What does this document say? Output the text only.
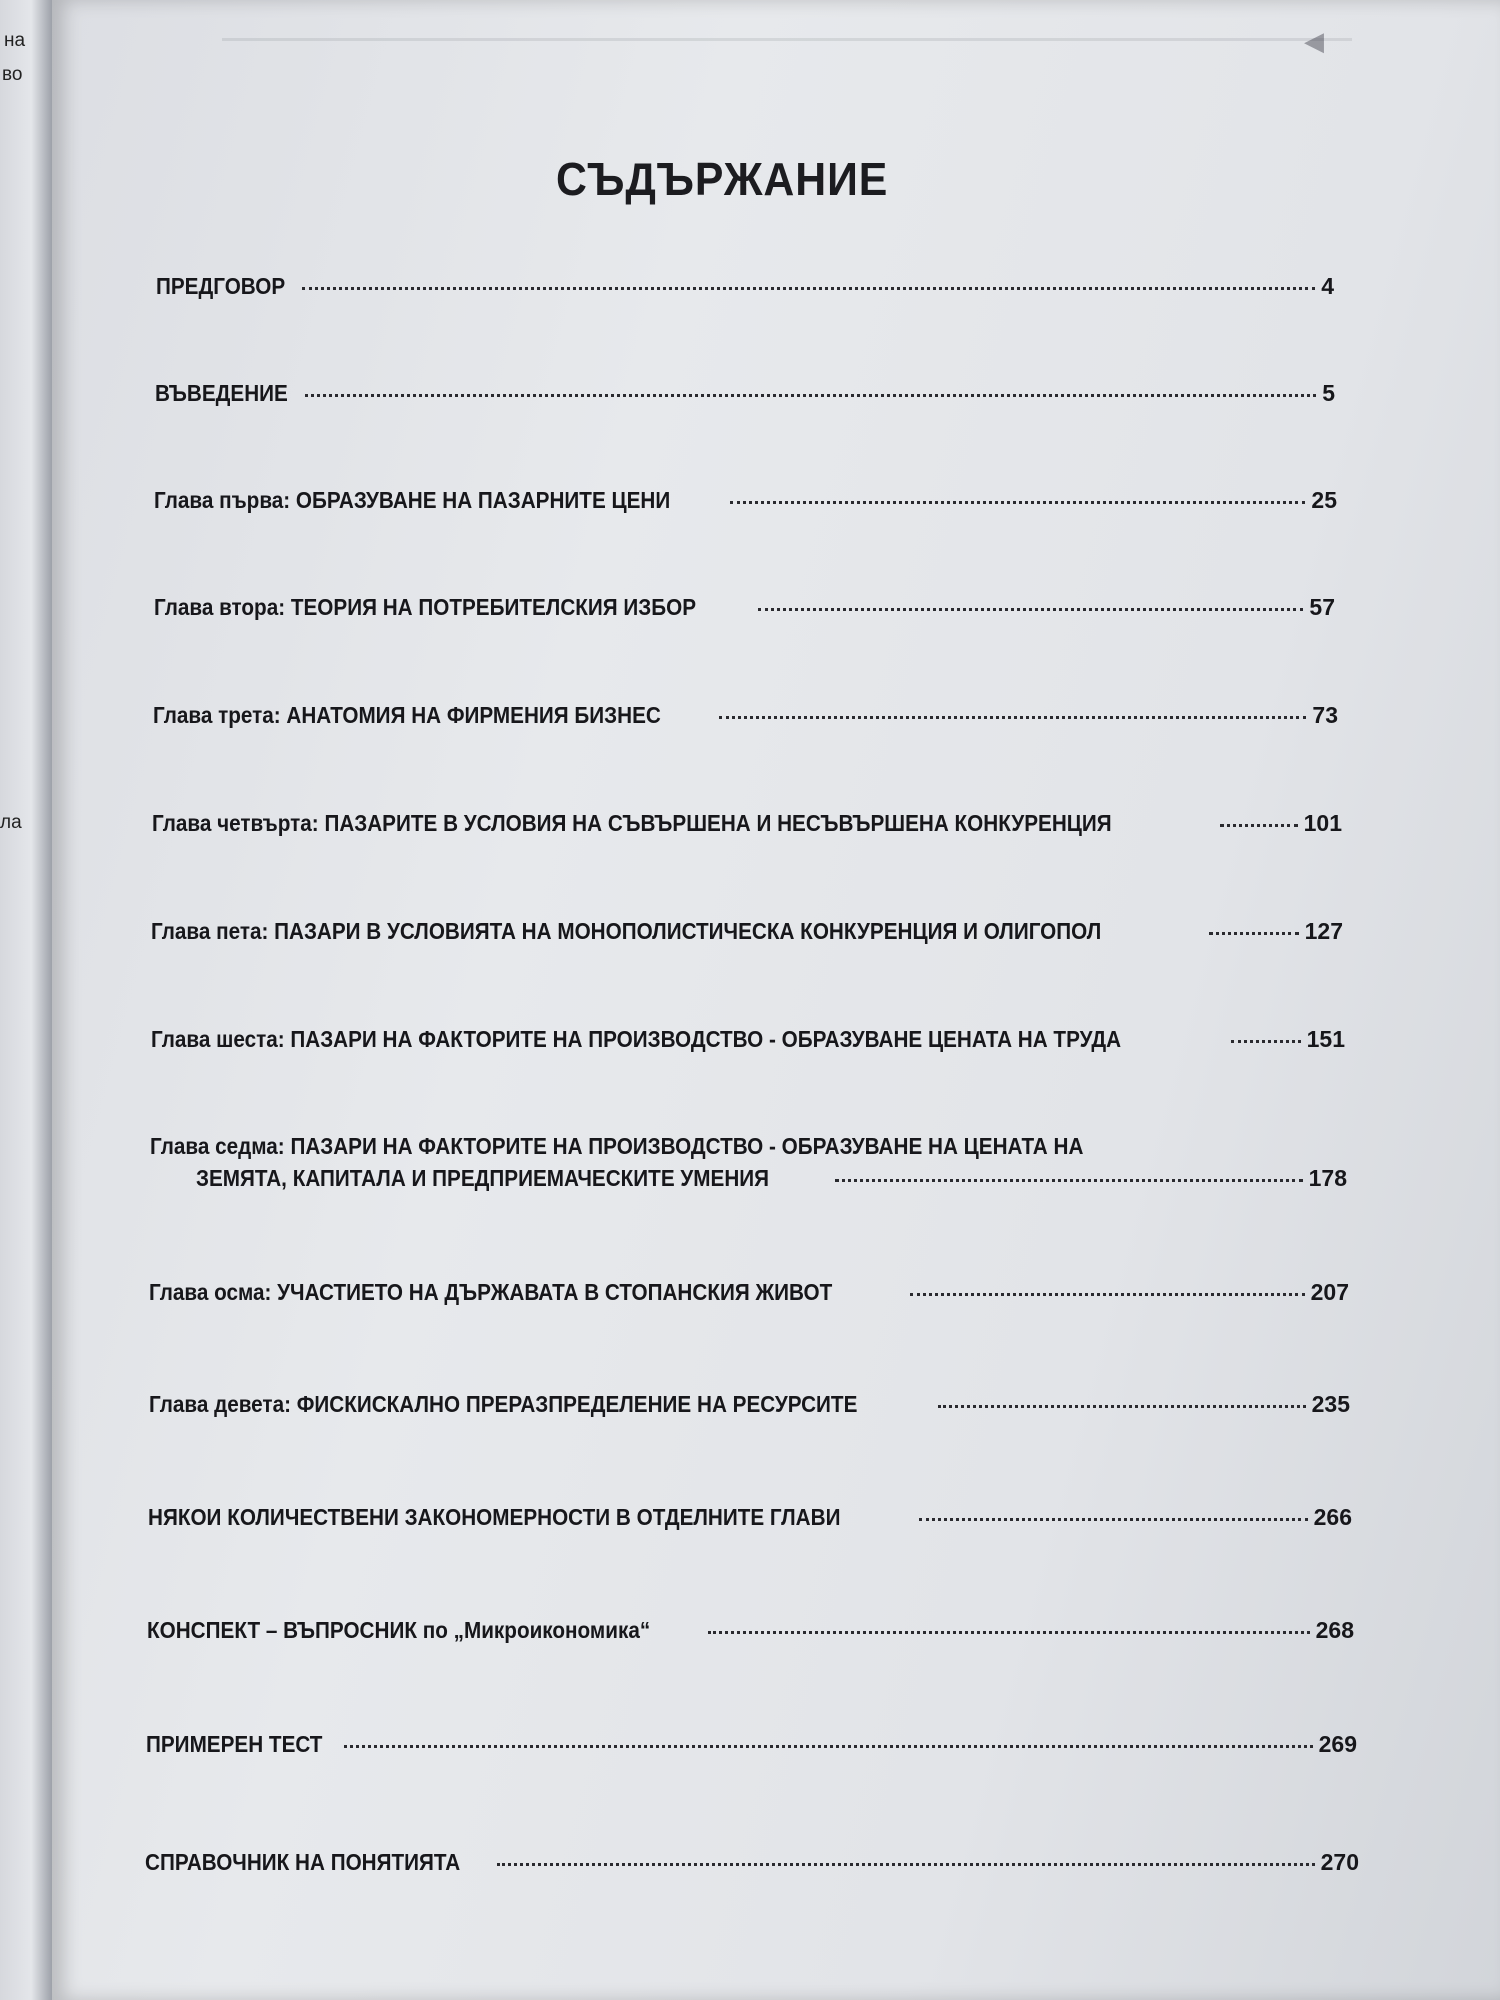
на
во
ла
◀
СЪДЪРЖАНИЕ
ПРЕДГОВОР	4
ВЪВЕДЕНИЕ	5
Глава първа: ОБРАЗУВАНЕ НА ПАЗАРНИТЕ ЦЕНИ	25
Глава втора: ТЕОРИЯ НА ПОТРЕБИТЕЛСКИЯ ИЗБОР	57
Глава трета: АНАТОМИЯ НА ФИРМЕНИЯ БИЗНЕС	73
Глава четвърта: ПАЗАРИТЕ В УСЛОВИЯ НА СЪВЪРШЕНА И НЕСЪВЪРШЕНА КОНКУРЕНЦИЯ	101
Глава пета: ПАЗАРИ В УСЛОВИЯТА НА МОНОПОЛИСТИЧЕСКА КОНКУРЕНЦИЯ И ОЛИГОПОЛ	127
Глава шеста: ПАЗАРИ НА ФАКТОРИТЕ НА ПРОИЗВОДСТВО - ОБРАЗУВАНЕ ЦЕНАТА НА ТРУДА	151
Глава седма: ПАЗАРИ НА ФАКТОРИТЕ НА ПРОИЗВОДСТВО - ОБРАЗУВАНЕ НА ЦЕНАТА НА
ЗЕМЯТА, КАПИТАЛА И ПРЕДПРИЕМАЧЕСКИТЕ УМЕНИЯ	178
Глава осма: УЧАСТИЕТО НА ДЪРЖАВАТА В СТОПАНСКИЯ ЖИВОТ	207
Глава девета: ФИСКИСКАЛНО ПРЕРАЗПРЕДЕЛЕНИЕ НА РЕСУРСИТЕ	235
НЯКОИ КОЛИЧЕСТВЕНИ ЗАКОНОМЕРНОСТИ В ОТДЕЛНИТЕ ГЛАВИ	266
КОНСПЕКТ – ВЪПРОСНИК по „Микроикономика“	268
ПРИМЕРЕН ТЕСТ	269
СПРАВОЧНИК НА ПОНЯТИЯТА	270
